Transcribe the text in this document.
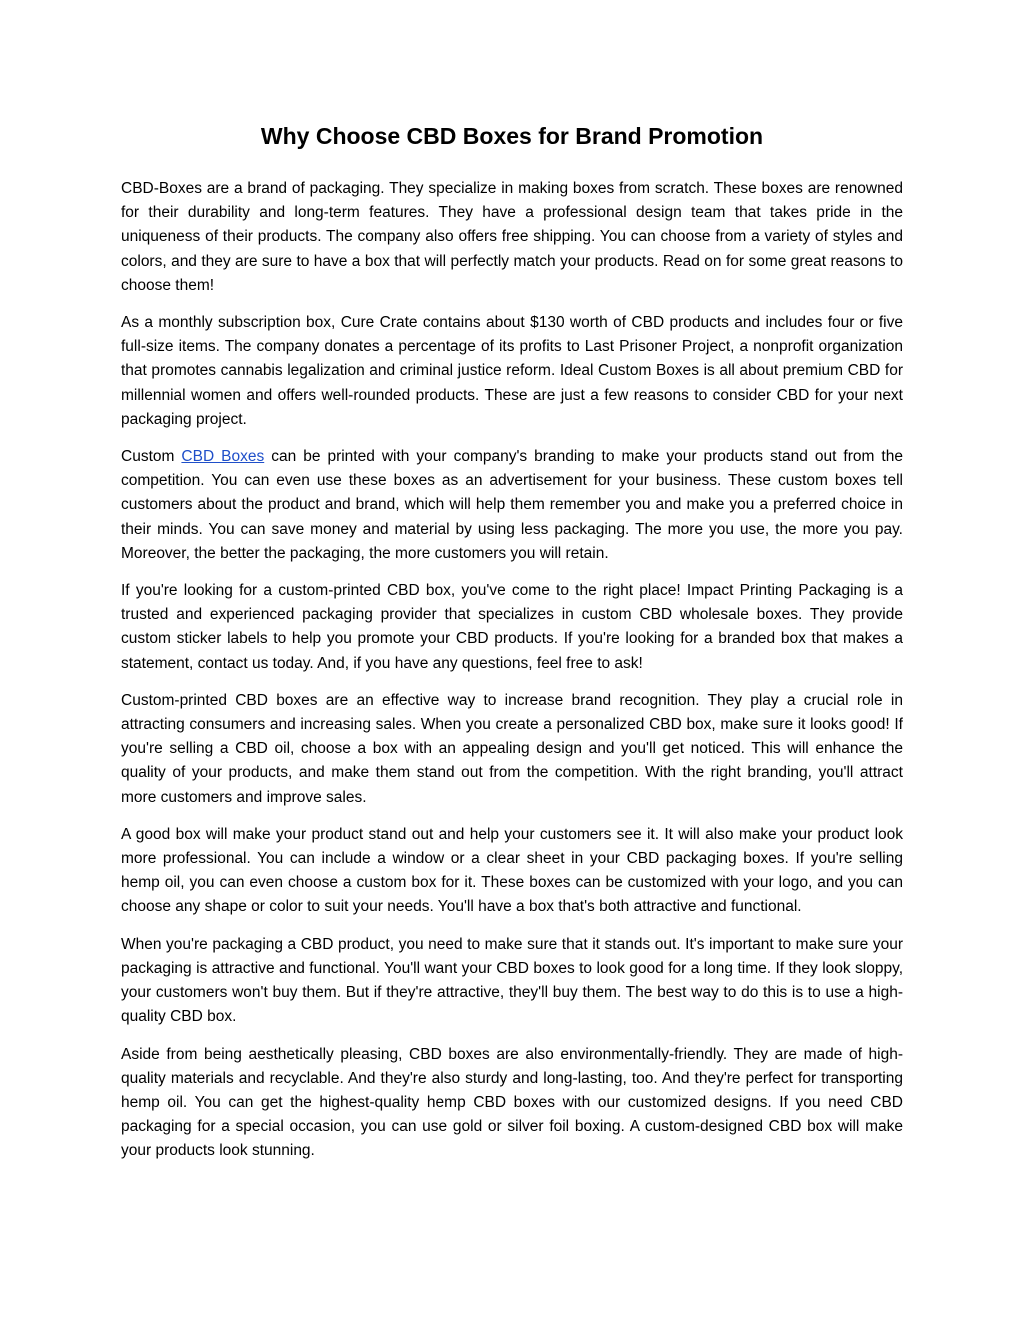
Why Choose CBD Boxes for Brand Promotion

CBD-Boxes are a brand of packaging. They specialize in making boxes from scratch. These boxes are renowned for their durability and long-term features. They have a professional design team that takes pride in the uniqueness of their products. The company also offers free shipping. You can choose from a variety of styles and colors, and they are sure to have a box that will perfectly match your products. Read on for some great reasons to choose them!

As a monthly subscription box, Cure Crate contains about $130 worth of CBD products and includes four or five full-size items. The company donates a percentage of its profits to Last Prisoner Project, a nonprofit organization that promotes cannabis legalization and criminal justice reform. Ideal Custom Boxes is all about premium CBD for millennial women and offers well-rounded products. These are just a few reasons to consider CBD for your next packaging project.

Custom CBD Boxes can be printed with your company's branding to make your products stand out from the competition. You can even use these boxes as an advertisement for your business. These custom boxes tell customers about the product and brand, which will help them remember you and make you a preferred choice in their minds. You can save money and material by using less packaging. The more you use, the more you pay. Moreover, the better the packaging, the more customers you will retain.

If you're looking for a custom-printed CBD box, you've come to the right place! Impact Printing Packaging is a trusted and experienced packaging provider that specializes in custom CBD wholesale boxes. They provide custom sticker labels to help you promote your CBD products. If you're looking for a branded box that makes a statement, contact us today. And, if you have any questions, feel free to ask!

Custom-printed CBD boxes are an effective way to increase brand recognition. They play a crucial role in attracting consumers and increasing sales. When you create a personalized CBD box, make sure it looks good! If you're selling a CBD oil, choose a box with an appealing design and you'll get noticed. This will enhance the quality of your products, and make them stand out from the competition. With the right branding, you'll attract more customers and improve sales.

A good box will make your product stand out and help your customers see it. It will also make your product look more professional. You can include a window or a clear sheet in your CBD packaging boxes. If you're selling hemp oil, you can even choose a custom box for it. These boxes can be customized with your logo, and you can choose any shape or color to suit your needs. You'll have a box that's both attractive and functional.

When you're packaging a CBD product, you need to make sure that it stands out. It's important to make sure your packaging is attractive and functional. You'll want your CBD boxes to look good for a long time. If they look sloppy, your customers won't buy them. But if they're attractive, they'll buy them. The best way to do this is to use a high-quality CBD box.

Aside from being aesthetically pleasing, CBD boxes are also environmentally-friendly. They are made of high-quality materials and recyclable. And they're also sturdy and long-lasting, too. And they're perfect for transporting hemp oil. You can get the highest-quality hemp CBD boxes with our customized designs. If you need CBD packaging for a special occasion, you can use gold or silver foil boxing. A custom-designed CBD box will make your products look stunning.
